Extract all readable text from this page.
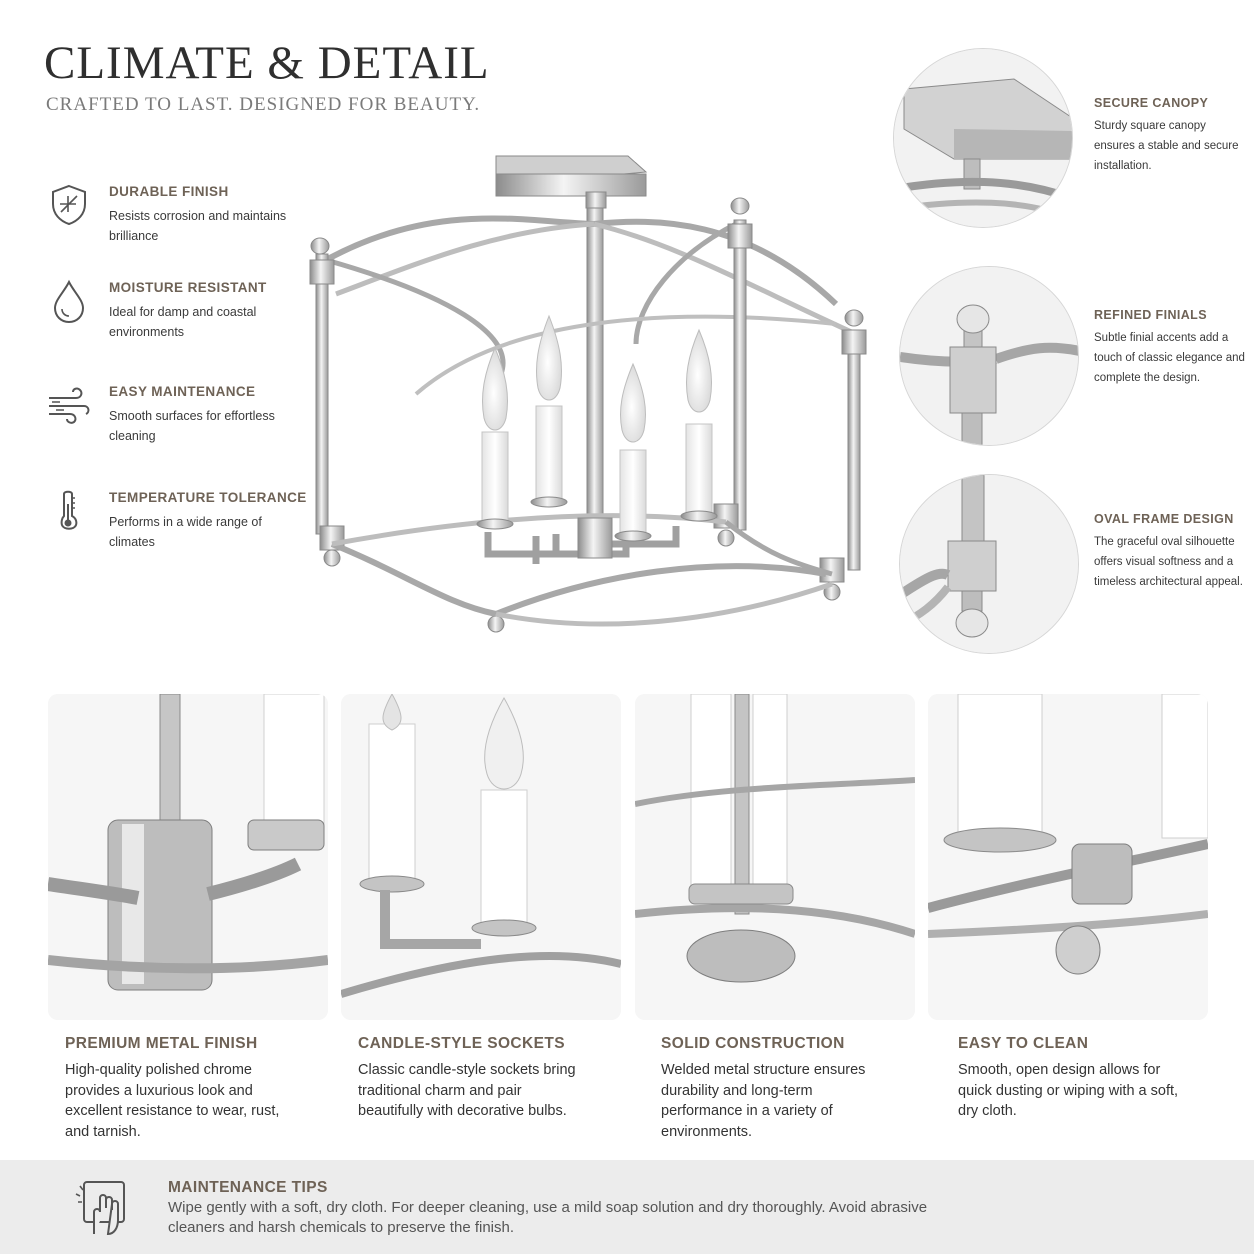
CLIMATE & DETAIL
CRAFTED TO LAST. DESIGNED FOR BEAUTY.
DURABLE FINISH
Resists corrosion and maintains brilliance
MOISTURE RESISTANT
Ideal for damp and coastal environments
EASY MAINTENANCE
Smooth surfaces for effortless cleaning
TEMPERATURE TOLERANCE
Performs in a wide range of climates
SECURE CANOPY
Sturdy square canopy ensures a stable and secure installation.
REFINED FINIALS
Subtle finial accents add a touch of classic elegance and complete the design.
OVAL FRAME DESIGN
The graceful oval silhouette offers visual softness and a timeless architectural appeal.
PREMIUM METAL FINISH
High-quality polished chrome provides a luxurious look and excellent resistance to wear, rust, and tarnish.
CANDLE-STYLE SOCKETS
Classic candle-style sockets bring traditional charm and pair beautifully with decorative bulbs.
SOLID CONSTRUCTION
Welded metal structure ensures durability and long-term performance in a variety of environments.
EASY TO CLEAN
Smooth, open design allows for quick dusting or wiping with a soft, dry cloth.
MAINTENANCE TIPS
Wipe gently with a soft, dry cloth. For deeper cleaning, use a mild soap solution and dry thoroughly. Avoid abrasive cleaners and harsh chemicals to preserve the finish.
